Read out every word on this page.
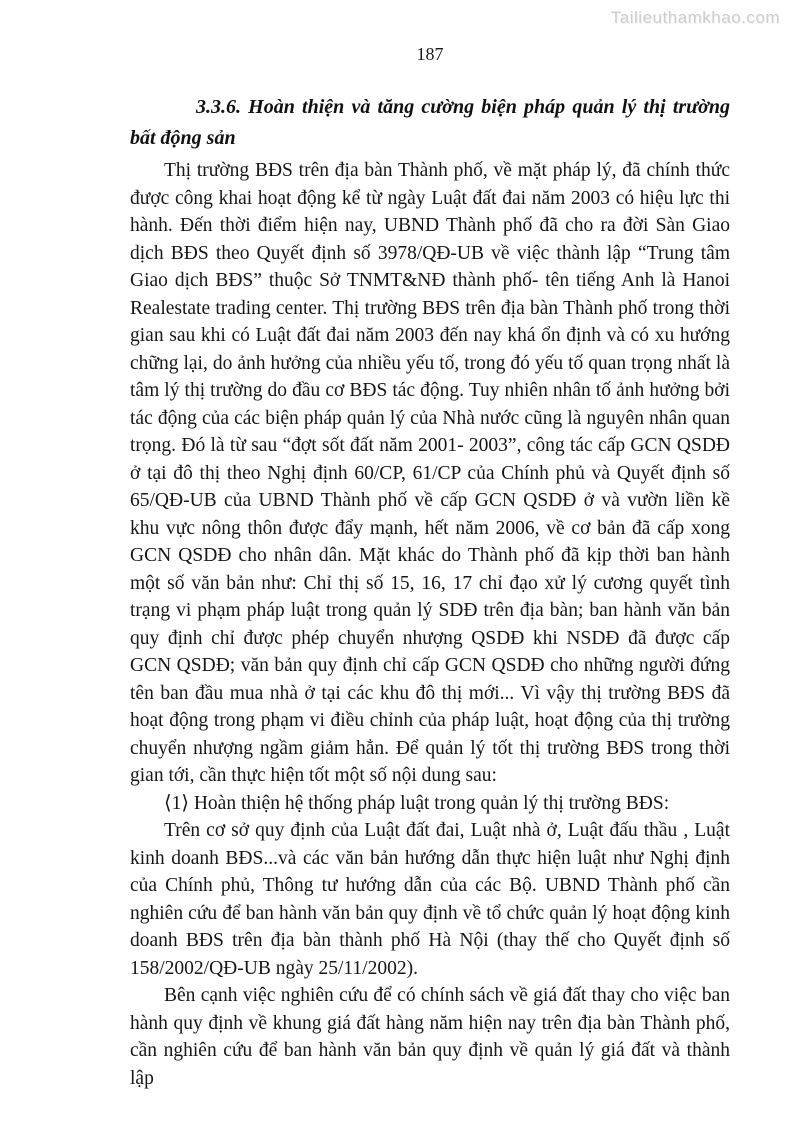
Tailieuthamkhao.com
187
3.3.6. Hoàn thiện và tăng cường biện pháp quản lý thị trường bất động sản

Thị trường BĐS trên địa bàn Thành phố, về mặt pháp lý, đã chính thức được công khai hoạt động kể từ ngày Luật đất đai năm 2003 có hiệu lực thi hành. Đến thời điểm hiện nay, UBND Thành phố đã cho ra đời Sàn Giao dịch BĐS theo Quyết định số 3978/QĐ-UB về việc thành lập “Trung tâm Giao dịch BĐS” thuộc Sở TNMT&NĐ thành phố- tên tiếng Anh là Hanoi Realestate trading center. Thị trường BĐS trên địa bàn Thành phố trong thời gian sau khi có Luật đất đai năm 2003 đến nay khá ổn định và có xu hướng chững lại, do ảnh hưởng của nhiều yếu tố, trong đó yếu tố quan trọng nhất là tâm lý thị trường do đầu cơ BĐS tác động. Tuy nhiên nhân tố ảnh hưởng bởi tác động của các biện pháp quản lý của Nhà nước cũng là nguyên nhân quan trọng. Đó là từ sau “đợt sốt đất năm 2001- 2003”, công tác cấp GCN QSDĐ ở tại đô thị theo Nghị định 60/CP, 61/CP của Chính phủ và Quyết định số 65/QĐ-UB của UBND Thành phố về cấp GCN QSDĐ ở và vườn liền kề khu vực nông thôn được đẩy mạnh, hết năm 2006, về cơ bản đã cấp xong GCN QSDĐ cho nhân dân. Mặt khác do Thành phố đã kịp thời ban hành một số văn bản như: Chỉ thị số 15, 16, 17 chỉ đạo xử lý cương quyết tình trạng vi phạm pháp luật trong quản lý SDĐ trên địa bàn; ban hành văn bản quy định chỉ được phép chuyển nhượng QSDĐ khi NSDĐ đã được cấp GCN QSDĐ; văn bản quy định chỉ cấp GCN QSDĐ cho những người đứng tên ban đầu mua nhà ở tại các khu đô thị mới... Vì vậy thị trường BĐS đã hoạt động trong phạm vi điều chỉnh của pháp luật, hoạt động của thị trường chuyển nhượng ngầm giảm hẳn. Để quản lý tốt thị trường BĐS trong thời gian tới, cần thực hiện tốt một số nội dung sau:

⟨1⟩ Hoàn thiện hệ thống pháp luật trong quản lý thị trường BĐS:

Trên cơ sở quy định của Luật đất đai, Luật nhà ở, Luật đấu thầu , Luật kinh doanh BĐS...và các văn bản hướng dẫn thực hiện luật như Nghị định của Chính phủ, Thông tư hướng dẫn của các Bộ. UBND Thành phố cần nghiên cứu để ban hành văn bản quy định về tổ chức quản lý hoạt động kinh doanh BĐS trên địa bàn thành phố Hà Nội (thay thế cho Quyết định số 158/2002/QĐ-UB ngày 25/11/2002).

Bên cạnh việc nghiên cứu để có chính sách về giá đất thay cho việc ban hành quy định về khung giá đất hàng năm hiện nay trên địa bàn Thành phố, cần nghiên cứu để ban hành văn bản quy định về quản lý giá đất và thành lập
